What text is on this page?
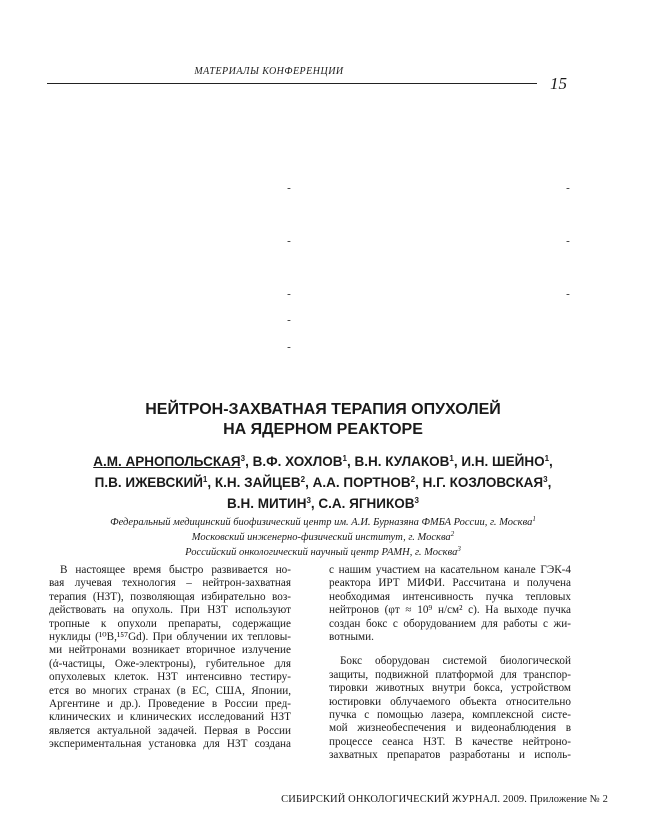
МАТЕРИАЛЫ КОНФЕРЕНЦИИ
15
-	-
-	-
-	-
-
-
НЕЙТРОН-ЗАХВАТНАЯ ТЕРАПИЯ ОПУХОЛЕЙ
НА ЯДЕРНОМ РЕАКТОРЕ
А.М. АРНОПОЛЬСКАЯ$^3$, В.Ф. ХОХЛОВ$^1$, В.Н. КУЛАКОВ$^1$, И.Н. ШЕЙНО$^1$,
П.В. ИЖЕВСКИЙ$^1$, К.Н. ЗАЙЦЕВ$^2$, А.А. ПОРТНОВ$^2$, Н.Г. КОЗЛОВСКАЯ$^3$,
В.Н. МИТИН$^3$, С.А. ЯГНИКОВ$^3$
Федеральный медицинский биофизический центр им. А.И. Бурназяна ФМБА России, г. Москва$^1$
Московский инженерно-физический институт, г. Москва$^2$
Российский онкологический научный центр РАМН, г. Москва$^3$

В настоящее время быстро развивается но-
вая лучевая технология – нейтрон-захватная
терапия (НЗТ), позволяющая избирательно воз-
действовать на опухоль. При НЗТ используют
тропные к опухоли препараты, содержащие
нуклиды (¹⁰B,¹⁵⁷Gd). При облучении их тепловы-
ми нейтронами возникает вторичное излучение
(ά-частицы, Оже-электроны), губительное для
опухолевых клеток. НЗТ интенсивно тестиру-
ется во многих странах (в ЕС, США, Японии,
Аргентине и др.). Проведение в России пред-
клинических и клинических исследований НЗТ
является актуальной задачей. Первая в России
экспериментальная установка для НЗТ создана

с нашим участием на касательном канале ГЭК-4
реактора ИРТ МИФИ. Рассчитана и получена
необходимая интенсивность пучка тепловых
нейтронов (φт ≈ 10⁹ н/см² с). На выходе пучка
создан бокс с оборудованием для работы с жи-
вотными.

Бокс оборудован системой биологической
защиты, подвижной платформой для транспор-
тировки животных внутри бокса, устройством
юстировки облучаемого объекта относительно
пучка с помощью лазера, комплексной систе-
мой жизнеобеспечения и видеонаблюдения в
процессе сеанса НЗТ. В качестве нейтроно-
захватных препаратов разработаны и исполь-

СИБИРСКИЙ ОНКОЛОГИЧЕСКИЙ ЖУРНАЛ. 2009. Приложение № 2
